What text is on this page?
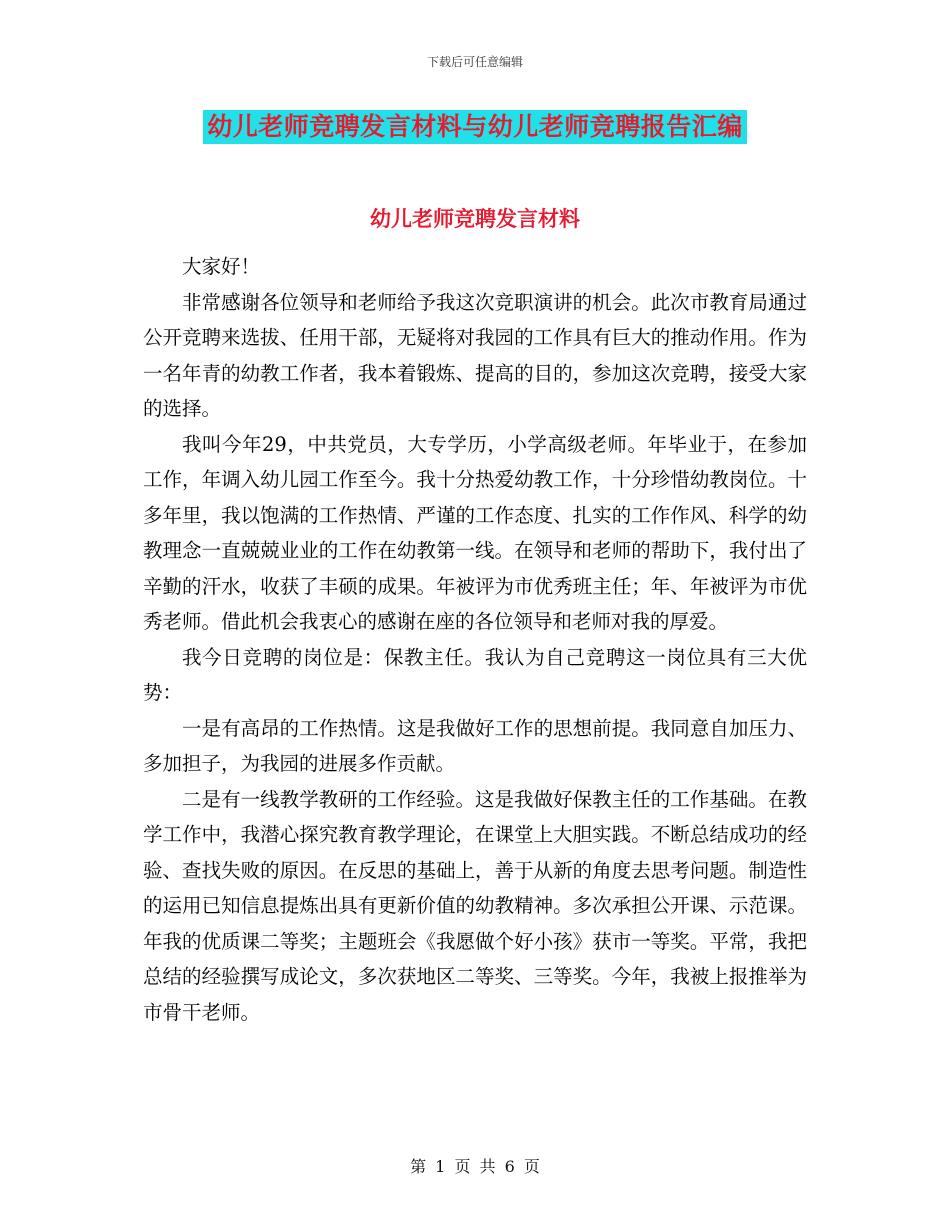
下载后可任意编辑
幼儿老师竞聘发言材料与幼儿老师竞聘报告汇编
幼儿老师竞聘发言材料

大家好！

非常感谢各位领导和老师给予我这次竞职演讲的机会。此次市教育局通过公开竞聘来选拔、任用干部，无疑将对我园的工作具有巨大的推动作用。作为一名年青的幼教工作者，我本着锻炼、提高的目的，参加这次竞聘，接受大家的选择。

我叫今年29，中共党员，大专学历，小学高级老师。年毕业于，在参加工作，年调入幼儿园工作至今。我十分热爱幼教工作，十分珍惜幼教岗位。十多年里，我以饱满的工作热情、严谨的工作态度、扎实的工作作风、科学的幼教理念一直兢兢业业的工作在幼教第一线。在领导和老师的帮助下，我付出了辛勤的汗水，收获了丰硕的成果。年被评为市优秀班主任；年、年被评为市优秀老师。借此机会我衷心的感谢在座的各位领导和老师对我的厚爱。

我今日竞聘的岗位是：保教主任。我认为自己竞聘这一岗位具有三大优势：

一是有高昂的工作热情。这是我做好工作的思想前提。我同意自加压力、多加担子，为我园的进展多作贡献。

二是有一线教学教研的工作经验。这是我做好保教主任的工作基础。在教学工作中，我潜心探究教育教学理论，在课堂上大胆实践。不断总结成功的经验、查找失败的原因。在反思的基础上，善于从新的角度去思考问题。制造性的运用已知信息提炼出具有更新价值的幼教精神。多次承担公开课、示范课。年我的优质课二等奖；主题班会《我愿做个好小孩》获市一等奖。平常，我把总结的经验撰写成论文，多次获地区二等奖、三等奖。今年，我被上报推举为市骨干老师。

第 1 页 共 6 页
